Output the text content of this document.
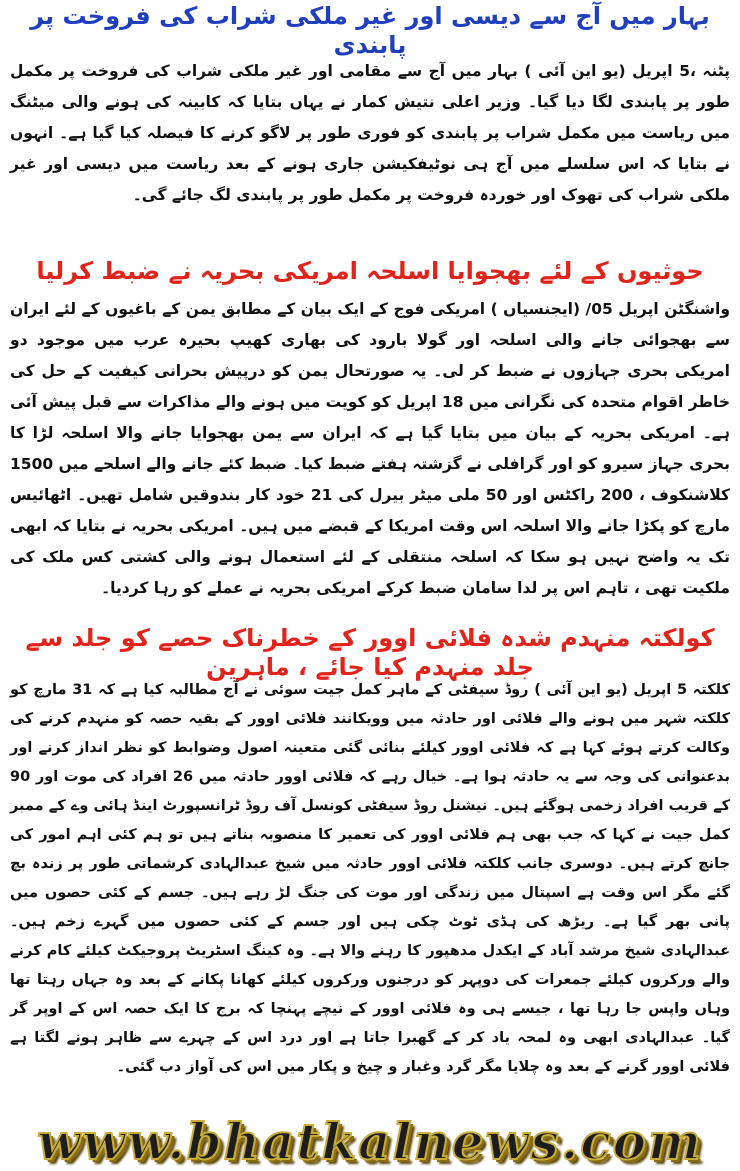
بہار میں آج سے دیسی اور غیر ملکی شراب کی فروخت پر پابندی

پٹنہ ،5 اپریل (یو این آئی ) بہار میں آج سے مقامی اور غیر ملکی شراب کی فروخت پر مکمل طور پر پابندی لگا دیا گیا۔ وزیر اعلی نتیش کمار نے یہاں بتایا کہ کابینہ کی ہونے والی میٹنگ میں ریاست میں مکمل شراب پر پابندی کو فوری طور پر لاگو کرنے کا فیصلہ کیا گیا ہے۔ انہوں نے بتایا کہ اس سلسلے میں آج ہی نوٹیفکیشن جاری ہونے کے بعد ریاست میں دیسی اور غیر ملکی شراب کی تھوک اور خوردہ فروخت پر مکمل طور پر پابندی لگ جائے گی۔

حوثیوں کے لئے بھجوایا اسلحہ امریکی بحریہ نے ضبط کرلیا

واشنگٹن اپریل 05/ (ایجنسیاں ) امریکی فوج کے ایک بیان کے مطابق یمن کے باغیوں کے لئے ایران سے بھجوائی جانے والی اسلحہ اور گولا بارود کی بھاری کھیپ بحیرہ عرب میں موجود دو امریکی بحری جہازوں نے ضبط کر لی۔ یہ صورتحال یمن کو درپیش بحرانی کیفیت کے حل کی خاطر اقوام متحدہ کی نگرانی میں 18 اپریل کو کویت میں ہونے والے مذاکرات سے قبل پیش آئی ہے۔ امریکی بحریہ کے بیان میں بتایا گیا ہے کہ ایران سے یمن بھجوایا جانے والا اسلحہ لڑا کا بحری جہاز سیرو کو اور گرافلی نے گزشتہ ہفتے ضبط کیا۔ ضبط کئے جانے والے اسلحے میں 1500 کلاشنکوف ، 200 راکٹس اور 50 ملی میٹر بیرل کی 21 خود کار بندوقیں شامل تھیں۔ اٹھائیس مارچ کو پکڑا جانے والا اسلحہ اس وقت امریکا کے قبضے میں ہیں۔ امریکی بحریہ نے بتایا کہ ابھی تک یہ واضح نہیں ہو سکا کہ اسلحہ منتقلی کے لئے استعمال ہونے والی کشتی کس ملک کی ملکیت تھی ، تاہم اس پر لدا سامان ضبط کرکے امریکی بحریہ نے عملے کو رہا کردیا۔

کولکتہ منہدم شدہ فلائی اوور کے خطرناک حصے کو جلد سے جلد منہدم کیا جائے ، ماہرین

کلکتہ 5 اپریل (یو این آئی ) روڈ سیفٹی کے ماہر کمل جیت سوئی نے آج مطالبہ کیا ہے کہ 31 مارچ کو کلکتہ شہر میں ہونے والے فلائی اور حادثہ میں وویکانند فلائی اوور کے بقیہ حصہ کو منہدم کرنے کی وکالت کرتے ہوئے کہا ہے کہ فلائی اوور کیلئے بنائی گئی متعینہ اصول وضوابط کو نظر انداز کرنے اور بدعنوانی کی وجہ سے یہ حادثہ ہوا ہے۔ خیال رہے کہ فلائی اوور حادثہ میں 26 افراد کی موت اور 90 کے قریب افراد زخمی ہوگئے ہیں۔ نیشنل روڈ سیفٹی کونسل آف روڈ ٹرانسپورٹ اینڈ ہائی وے کے ممبر کمل جیت نے کہا کہ جب بھی ہم فلائی اوور کی تعمیر کا منصوبہ بناتے ہیں تو ہم کئی اہم امور کی جانچ کرتے ہیں۔ دوسری جانب کلکتہ فلائی اوور حادثہ میں شیخ عبدالہادی کرشماتی طور پر زندہ بچ گئے مگر اس وقت ہے اسپتال میں زندگی اور موت کی جنگ لڑ رہے ہیں۔ جسم کے کئی حصوں میں پانی بھر گیا ہے۔ ریڑھ کی ہڈی ٹوٹ چکی ہیں اور جسم کے کئی حصوں میں گہرے زخم ہیں۔ عبدالہادی شیخ مرشد آباد کے ایکدل مدھپور کا رہنے والا ہے۔ وہ کینگ اسٹریٹ پروجیکٹ کیلئے کام کرنے والے ورکروں کیلئے جمعرات کی دوپہر کو درجنوں ورکروں کیلئے کھانا پکانے کے بعد وہ جہاں رہتا تھا وہاں واپس جا رہا تھا ، جیسے ہی وہ فلائی اوور کے نیچے پہنچا کہ برج کا ایک حصہ اس کے اوپر گر گیا۔ عبدالہادی ابھی وہ لمحہ یاد کر کے گھبرا جاتا ہے اور درد اس کے چہرے سے ظاہر ہونے لگتا ہے فلائی اوور گرنے کے بعد وہ چلایا مگر گرد وغبار و چیخ و پکار میں اس کی آواز دب گئی۔

www.bhatkalnews.com
